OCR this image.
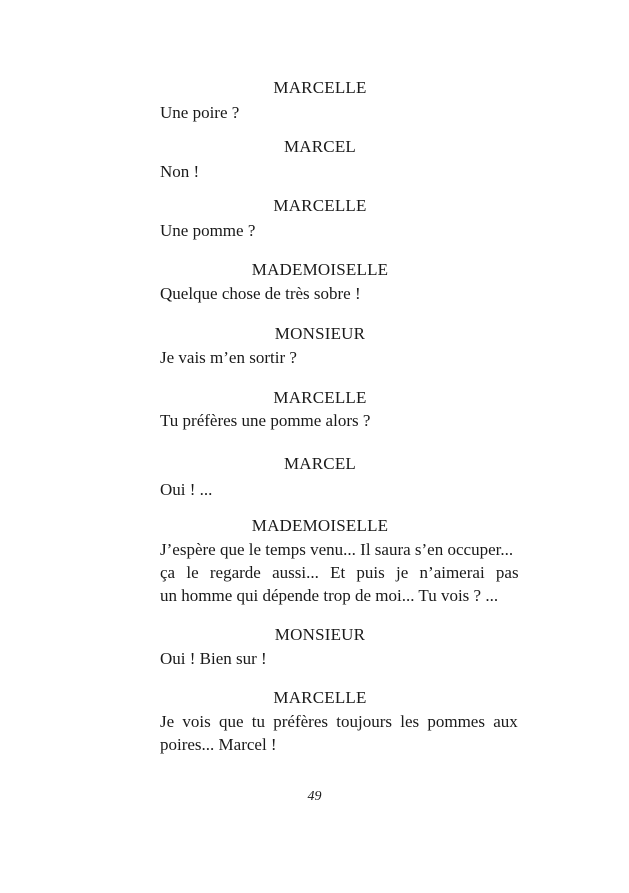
MARCELLE
Une poire ?
MARCEL
Non !
MARCELLE
Une pomme ?
MADEMOISELLE
Quelque chose de très sobre !
MONSIEUR
Je vais m’en sortir ?
MARCELLE
Tu préfères une pomme alors ?
MARCEL
Oui ! ...
MADEMOISELLE
J’espère que le temps venu... Il saura s’en occuper...
ça le regarde aussi... Et puis je n’aimerai pas
un homme qui dépende trop de moi... Tu vois ? ...
MONSIEUR
Oui ! Bien sur !
MARCELLE
Je vois que tu préfères toujours les pommes aux
poires... Marcel !
49
